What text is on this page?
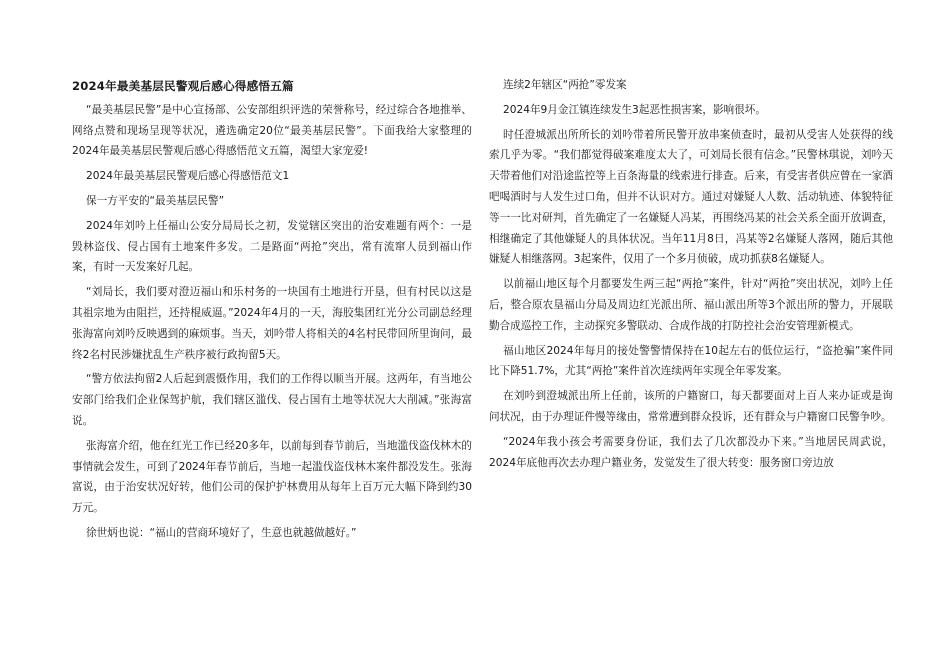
2024年最美基层民警观后感心得感悟五篇

“最美基层民警”是中心宣扬部、公安部组织评选的荣誉称号，经过综合各地推举、网络点赞和现场呈现等状况，遴选确定20位“最美基层民警”。下面我给大家整理的2024年最美基层民警观后感心得感悟范文五篇，渴望大家宠爱!

2024年最美基层民警观后感心得感悟范文1

保一方平安的“最美基层民警”

2024年刘吟上任福山公安分局局长之初，发觉辖区突出的治安难题有两个：一是毁林盗伐、侵占国有土地案件多发。二是路面“两抢”突出，常有流窜人员到福山作案，有时一天发案好几起。

“刘局长，我们要对澄迈福山和乐村务的一块国有土地进行开垦，但有村民以这是其祖宗地为由阻拦，还持棍威逼。”2024年4月的一天，海胶集团红光分公司副总经理张海富向刘吟反映遇到的麻烦事。当天，刘吟带人将相关的4名村民带回所里询问，最终2名村民涉嫌扰乱生产秩序被行政拘留5天。

“警方依法拘留2人后起到震慑作用，我们的工作得以顺当开展。这两年，有当地公安部门给我们企业保驾护航，我们辖区滥伐、侵占国有土地等状况大大削减。”张海富说。

张海富介绍，他在红光工作已经20多年，以前每到春节前后，当地滥伐盗伐林木的事情就会发生，可到了2024年春节前后，当地一起滥伐盗伐林木案件都没发生。张海富说，由于治安状况好转，他们公司的保护护林费用从每年上百万元大幅下降到约30万元。

徐世炳也说：“福山的营商环境好了，生意也就越做越好。”

连续2年辖区“两抢”零发案

2024年9月金江镇连续发生3起恶性损害案，影响很坏。

时任澄城派出所所长的刘吟带着所民警开放串案侦查时，最初从受害人处获得的线索几乎为零。“我们都觉得破案难度太大了，可刘局长很有信念。”民警林琪说，刘吟天天带着他们对沿途监控等上百条海量的线索进行排查。后来，有受害者供应曾在一家酒吧喝酒时与人发生过口角，但并不认识对方。通过对嫌疑人人数、活动轨迹、体貌特征等一一比对研判，首先确定了一名嫌疑人冯某，再围绕冯某的社会关系全面开放调查，相继确定了其他嫌疑人的具体状况。当年11月8日，冯某等2名嫌疑人落网，随后其他嫌疑人相继落网。3起案件，仅用了一个多月侦破，成功抓获8名嫌疑人。

以前福山地区每个月都要发生两三起“两抢”案件，针对“两抢”突出状况，刘吟上任后，整合原农垦福山分局及周边红光派出所、福山派出所等3个派出所的警力，开展联勤合成巡控工作，主动探究多警联动、合成作战的打防控社会治安管理新模式。

福山地区2024年每月的接处警警情保持在10起左右的低位运行，“盗抢骗”案件同比下降51.7%，尤其“两抢”案件首次连续两年实现全年零发案。

在刘吟到澄城派出所上任前，该所的户籍窗口，每天都要面对上百人来办证或是询问状况，由于办理证件慢等缘由，常常遭到群众投诉，还有群众与户籍窗口民警争吵。

“2024年我小孩会考需要身份证，我们去了几次都没办下来。”当地居民周武说，2024年底他再次去办理户籍业务，发觉发生了很大转变：服务窗口旁边放
